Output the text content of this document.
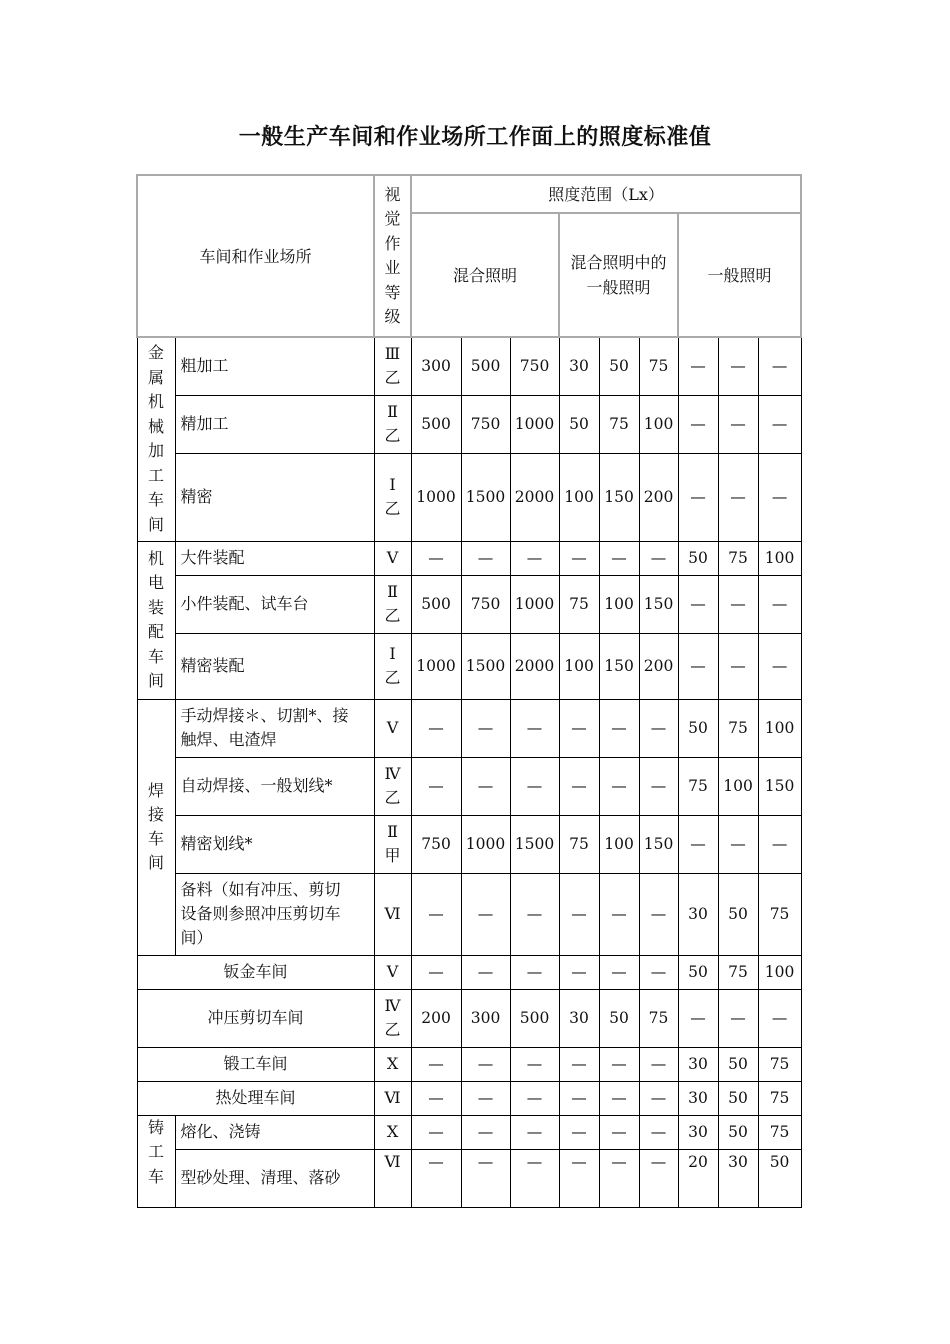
一般生产车间和作业场所工作面上的照度标准值
车间和作业场所		视觉作业等级	照度范围（Lx）								
			混合照明			混合照明中的一般照明			一般照明		

金属机械加工车间	粗加工	Ⅲ乙	300	500	750	30	50	75	—	—	—

	精加工	Ⅱ乙	500	750	1000	50	75	100	—	—	—

	精密	Ⅰ乙	1000	1500	2000	100	150	200	—	—	—

机电装配车间	大件装配	Ⅴ	—	—	—	—	—	—	50	75	100

	小件装配、试车台	Ⅱ乙	500	750	1000	75	100	150	—	—	—

	精密装配	Ⅰ乙	1000	1500	2000	100	150	200	—	—	—

焊接车间	手动焊接＊、切割*、接触焊、电渣焊	Ⅴ	—	—	—	—	—	—	50	75	100

	自动焊接、一般划线*	Ⅳ乙	—	—	—	—	—	—	75	100	150

	精密划线*	Ⅱ甲	750	1000	1500	75	100	150	—	—	—

	备料（如有冲压、剪切设备则参照冲压剪切车间）	Ⅵ	—	—	—	—	—	—	30	50	75

钣金车间		Ⅴ	—	—	—	—	—	—	50	75	100

冲压剪切车间		Ⅳ乙	200	300	500	30	50	75	—	—	—

锻工车间		Ⅹ	—	—	—	—	—	—	30	50	75

热处理车间		Ⅵ	—	—	—	—	—	—	30	50	75

铸工车	熔化、浇铸	Ⅹ	—	—	—	—	—	—	30	50	75

	型砂处理、清理、落砂	Ⅵ	—	—	—	—	—	—	20	30	50
